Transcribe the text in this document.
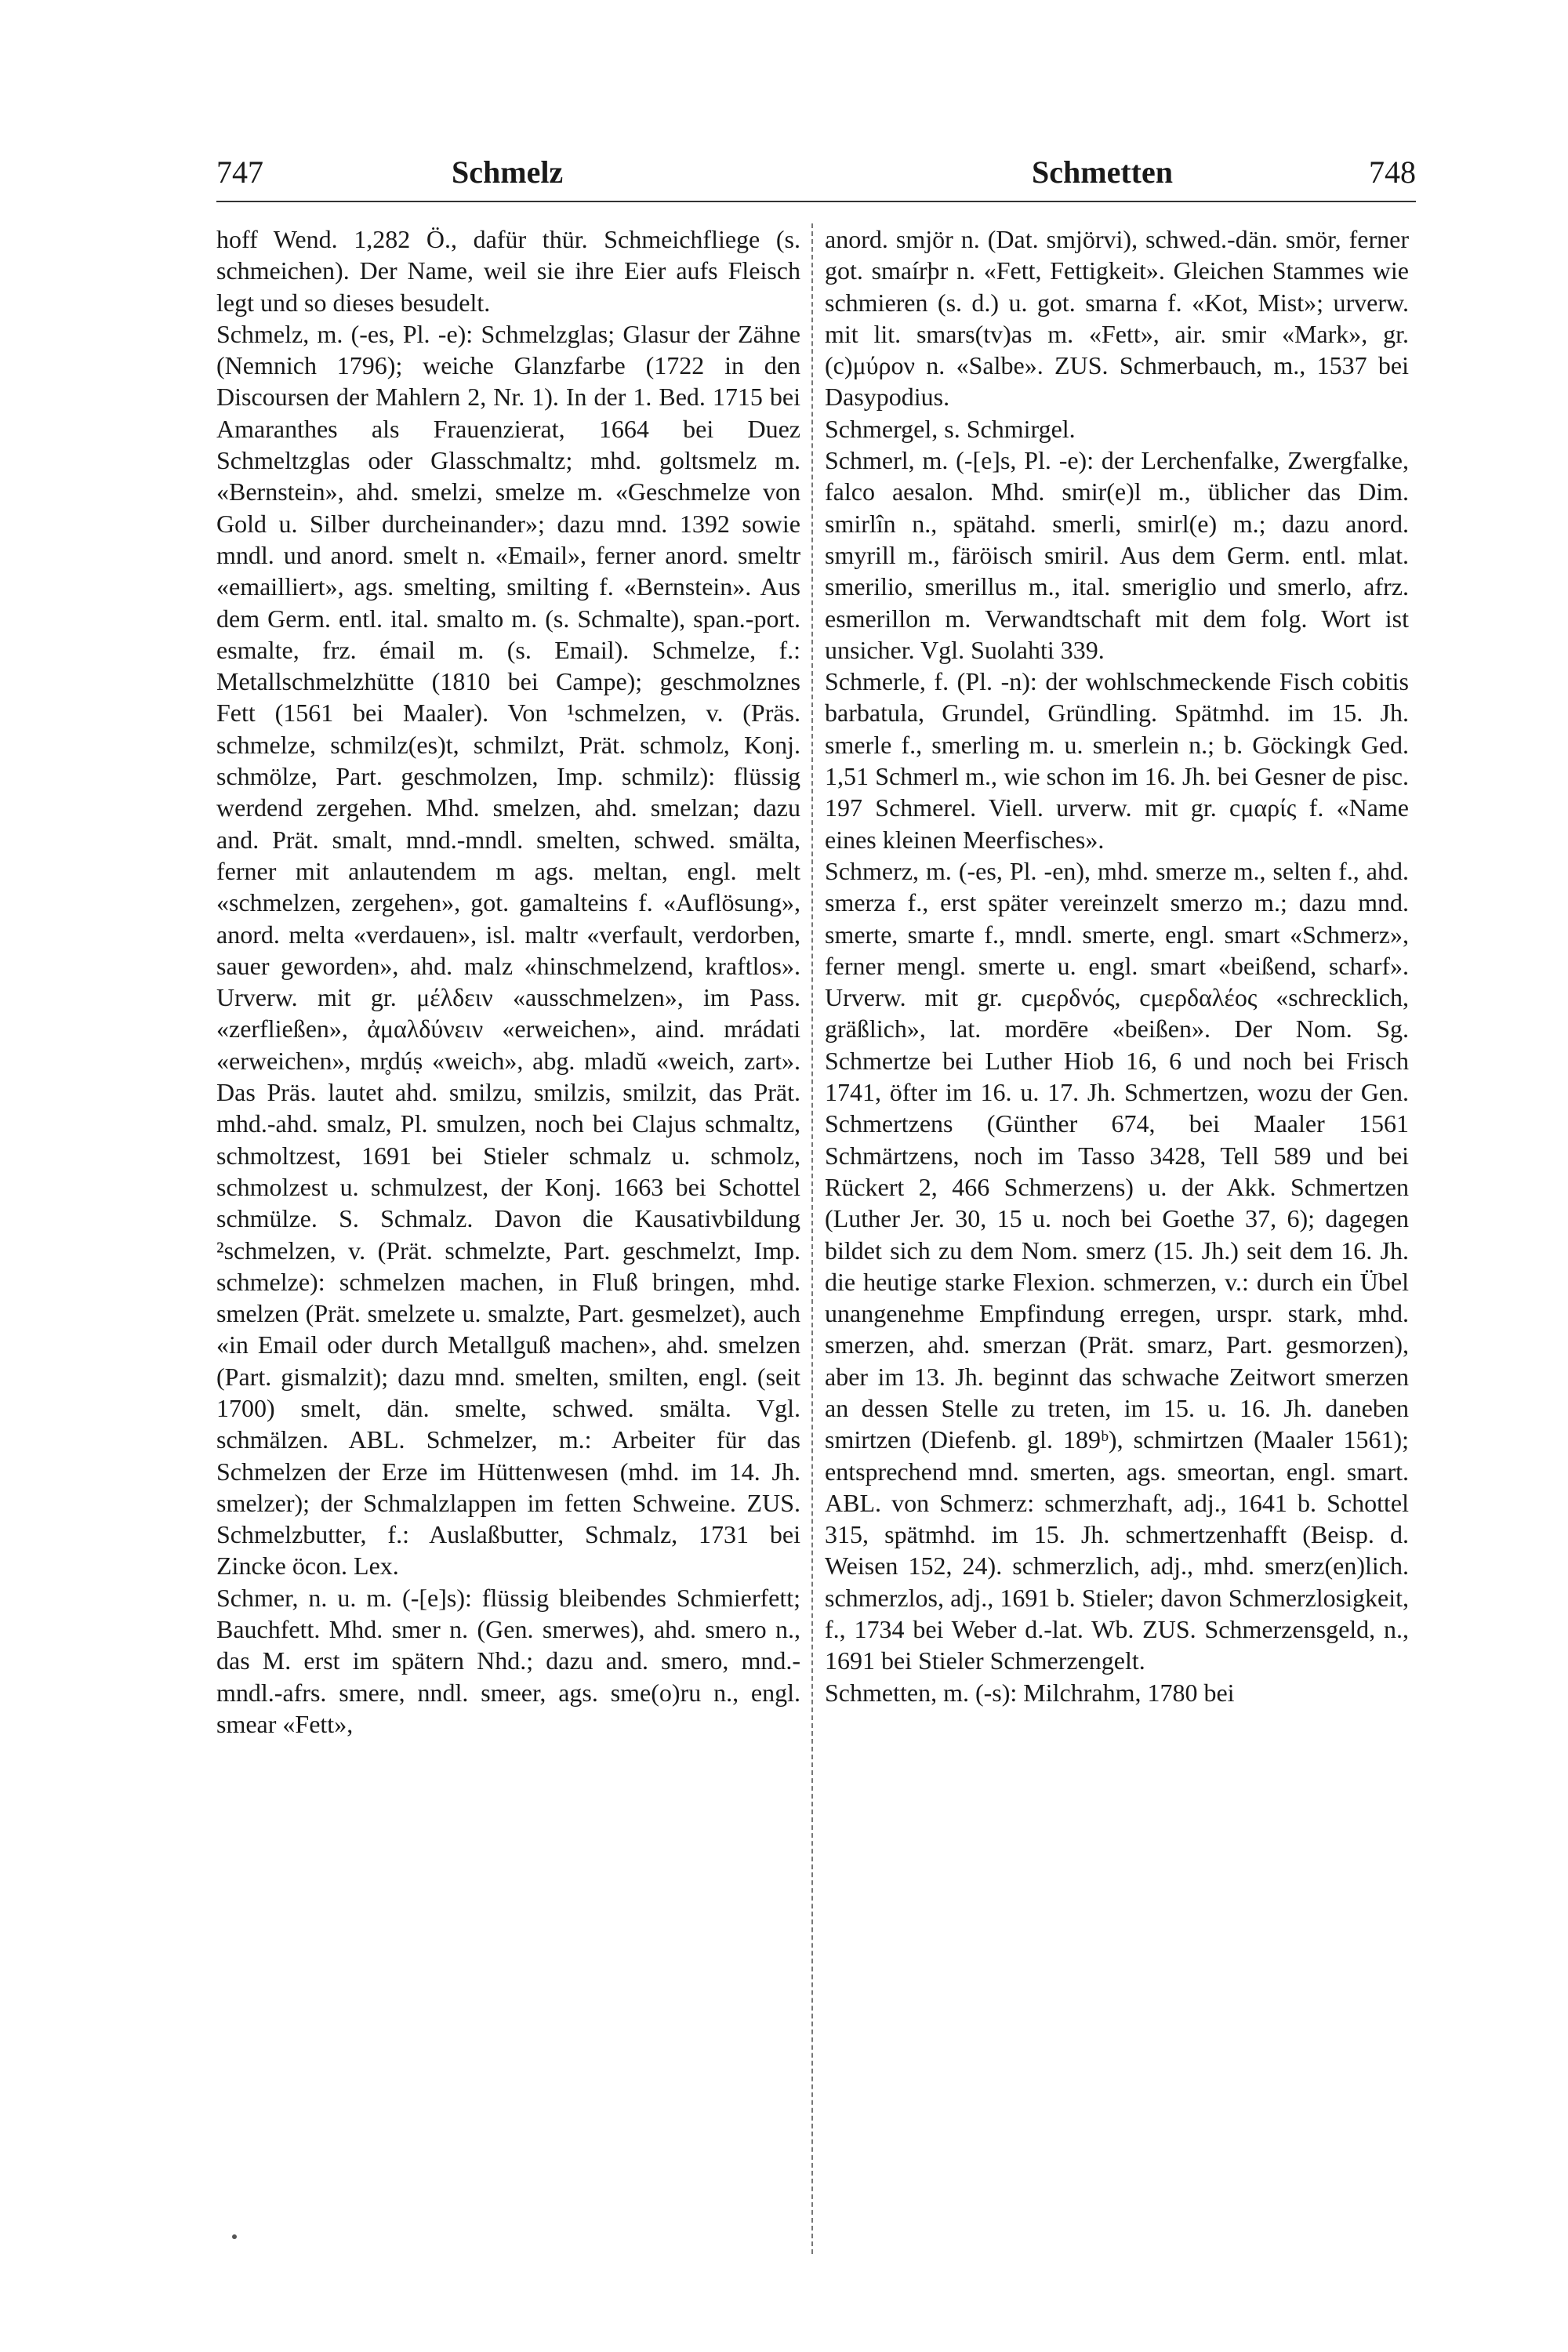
747	Schmelz	Schmetten	748

hoff Wend. 1,282 Ö., dafür thür. Schmeichfliege (s. schmeichen). Der Name, weil sie ihre Eier aufs Fleisch legt und so dieses besudelt.

Schmelz, m. (-es, Pl. -e): Schmelzglas; Glasur der Zähne (Nemnich 1796); weiche Glanzfarbe (1722 in den Discoursen der Mahlern 2, Nr. 1). In der 1. Bed. 1715 bei Amaranthes als Frauenzierat, 1664 bei Duez Schmeltzglas oder Glasschmaltz; mhd. goltsmelz m. «Bernstein», ahd. smelzi, smelze m. «Geschmelze von Gold u. Silber durcheinander»; dazu mnd. 1392 sowie mndl. und anord. smelt n. «Email», ferner anord. smeltr «emailliert», ags. smelting, smilting f. «Bernstein». Aus dem Germ. entl. ital. smalto m. (s. Schmalte), span.-port. esmalte, frz. émail m. (s. Email). Schmelze, f.: Metallschmelzhütte (1810 bei Campe); geschmolznes Fett (1561 bei Maaler). Von ¹schmelzen, v. (Präs. schmelze, schmilz(es)t, schmilzt, Prät. schmolz, Konj. schmölze, Part. geschmolzen, Imp. schmilz): flüssig werdend zergehen. Mhd. smelzen, ahd. smelzan; dazu and. Prät. smalt, mnd.-mndl. smelten, schwed. smälta, ferner mit anlautendem m ags. meltan, engl. melt «schmelzen, zergehen», got. gamalteins f. «Auflösung», anord. melta «verdauen», isl. maltr «verfault, verdorben, sauer geworden», ahd. malz «hinschmelzend, kraftlos». Urverw. mit gr. μέλδειν «ausschmelzen», im Pass. «zerfließen», ἀμαλδύνειν «erweichen», aind. mrádati «erweichen», mr̥dúṣ «weich», abg. mladŭ «weich, zart». Das Präs. lautet ahd. smilzu, smilzis, smilzit, das Prät. mhd.-ahd. smalz, Pl. smulzen, noch bei Clajus schmaltz, schmoltzest, 1691 bei Stieler schmalz u. schmolz, schmolzest u. schmulzest, der Konj. 1663 bei Schottel schmülze. S. Schmalz. Davon die Kausativbildung ²schmelzen, v. (Prät. schmelzte, Part. geschmelzt, Imp. schmelze): schmelzen machen, in Fluß bringen, mhd. smelzen (Prät. smelzete u. smalzte, Part. gesmelzet), auch «in Email oder durch Metallguß machen», ahd. smelzen (Part. gismalzit); dazu mnd. smelten, smilten, engl. (seit 1700) smelt, dän. smelte, schwed. smälta. Vgl. schmälzen. ABL. Schmelzer, m.: Arbeiter für das Schmelzen der Erze im Hüttenwesen (mhd. im 14. Jh. smelzer); der Schmalzlappen im fetten Schweine. ZUS. Schmelzbutter, f.: Auslaßbutter, Schmalz, 1731 bei Zincke öcon. Lex.

Schmer, n. u. m. (-[e]s): flüssig bleibendes Schmierfett; Bauchfett. Mhd. smer n. (Gen. smerwes), ahd. smero n., das M. erst im spätern Nhd.; dazu and. smero, mnd.-mndl.-afrs. smere, nndl. smeer, ags. sme(o)ru n., engl. smear «Fett»,

anord. smjör n. (Dat. smjörvi), schwed.-dän. smör, ferner got. smaírþr n. «Fett, Fettigkeit». Gleichen Stammes wie schmieren (s. d.) u. got. smarna f. «Kot, Mist»; urverw. mit lit. smars(tv)as m. «Fett», air. smir «Mark», gr. (c)μύρον n. «Salbe». ZUS. Schmerbauch, m., 1537 bei Dasypodius.

Schmergel, s. Schmirgel.

Schmerl, m. (-[e]s, Pl. -e): der Lerchenfalke, Zwergfalke, falco aesalon. Mhd. smir(e)l m., üblicher das Dim. smirlîn n., spätahd. smerli, smirl(e) m.; dazu anord. smyrill m., färöisch smiril. Aus dem Germ. entl. mlat. smerilio, smerillus m., ital. smeriglio und smerlo, afrz. esmerillon m. Verwandtschaft mit dem folg. Wort ist unsicher. Vgl. Suolahti 339.

Schmerle, f. (Pl. -n): der wohlschmeckende Fisch cobitis barbatula, Grundel, Gründling. Spätmhd. im 15. Jh. smerle f., smerling m. u. smerlein n.; b. Göckingk Ged. 1,51 Schmerl m., wie schon im 16. Jh. bei Gesner de pisc. 197 Schmerel. Viell. urverw. mit gr. cμαρίς f. «Name eines kleinen Meerfisches».

Schmerz, m. (-es, Pl. -en), mhd. smerze m., selten f., ahd. smerza f., erst später vereinzelt smerzo m.; dazu mnd. smerte, smarte f., mndl. smerte, engl. smart «Schmerz», ferner mengl. smerte u. engl. smart «beißend, scharf». Urverw. mit gr. cμερδνός, cμερδαλέος «schrecklich, gräßlich», lat. mordēre «beißen». Der Nom. Sg. Schmertze bei Luther Hiob 16, 6 und noch bei Frisch 1741, öfter im 16. u. 17. Jh. Schmertzen, wozu der Gen. Schmertzens (Günther 674, bei Maaler 1561 Schmärtzens, noch im Tasso 3428, Tell 589 und bei Rückert 2, 466 Schmerzens) u. der Akk. Schmertzen (Luther Jer. 30, 15 u. noch bei Goethe 37, 6); dagegen bildet sich zu dem Nom. smerz (15. Jh.) seit dem 16. Jh. die heutige starke Flexion. schmerzen, v.: durch ein Übel unangenehme Empfindung erregen, urspr. stark, mhd. smerzen, ahd. smerzan (Prät. smarz, Part. gesmorzen), aber im 13. Jh. beginnt das schwache Zeitwort smerzen an dessen Stelle zu treten, im 15. u. 16. Jh. daneben smirtzen (Diefenb. gl. 189ᵇ), schmirtzen (Maaler 1561); entsprechend mnd. smerten, ags. smeortan, engl. smart. ABL. von Schmerz: schmerzhaft, adj., 1641 b. Schottel 315, spätmhd. im 15. Jh. schmertzenhafft (Beisp. d. Weisen 152, 24). schmerzlich, adj., mhd. smerz(en)lich. schmerzlos, adj., 1691 b. Stieler; davon Schmerzlosigkeit, f., 1734 bei Weber d.-lat. Wb. ZUS. Schmerzensgeld, n., 1691 bei Stieler Schmerzengelt.

Schmetten, m. (-s): Milchrahm, 1780 bei
